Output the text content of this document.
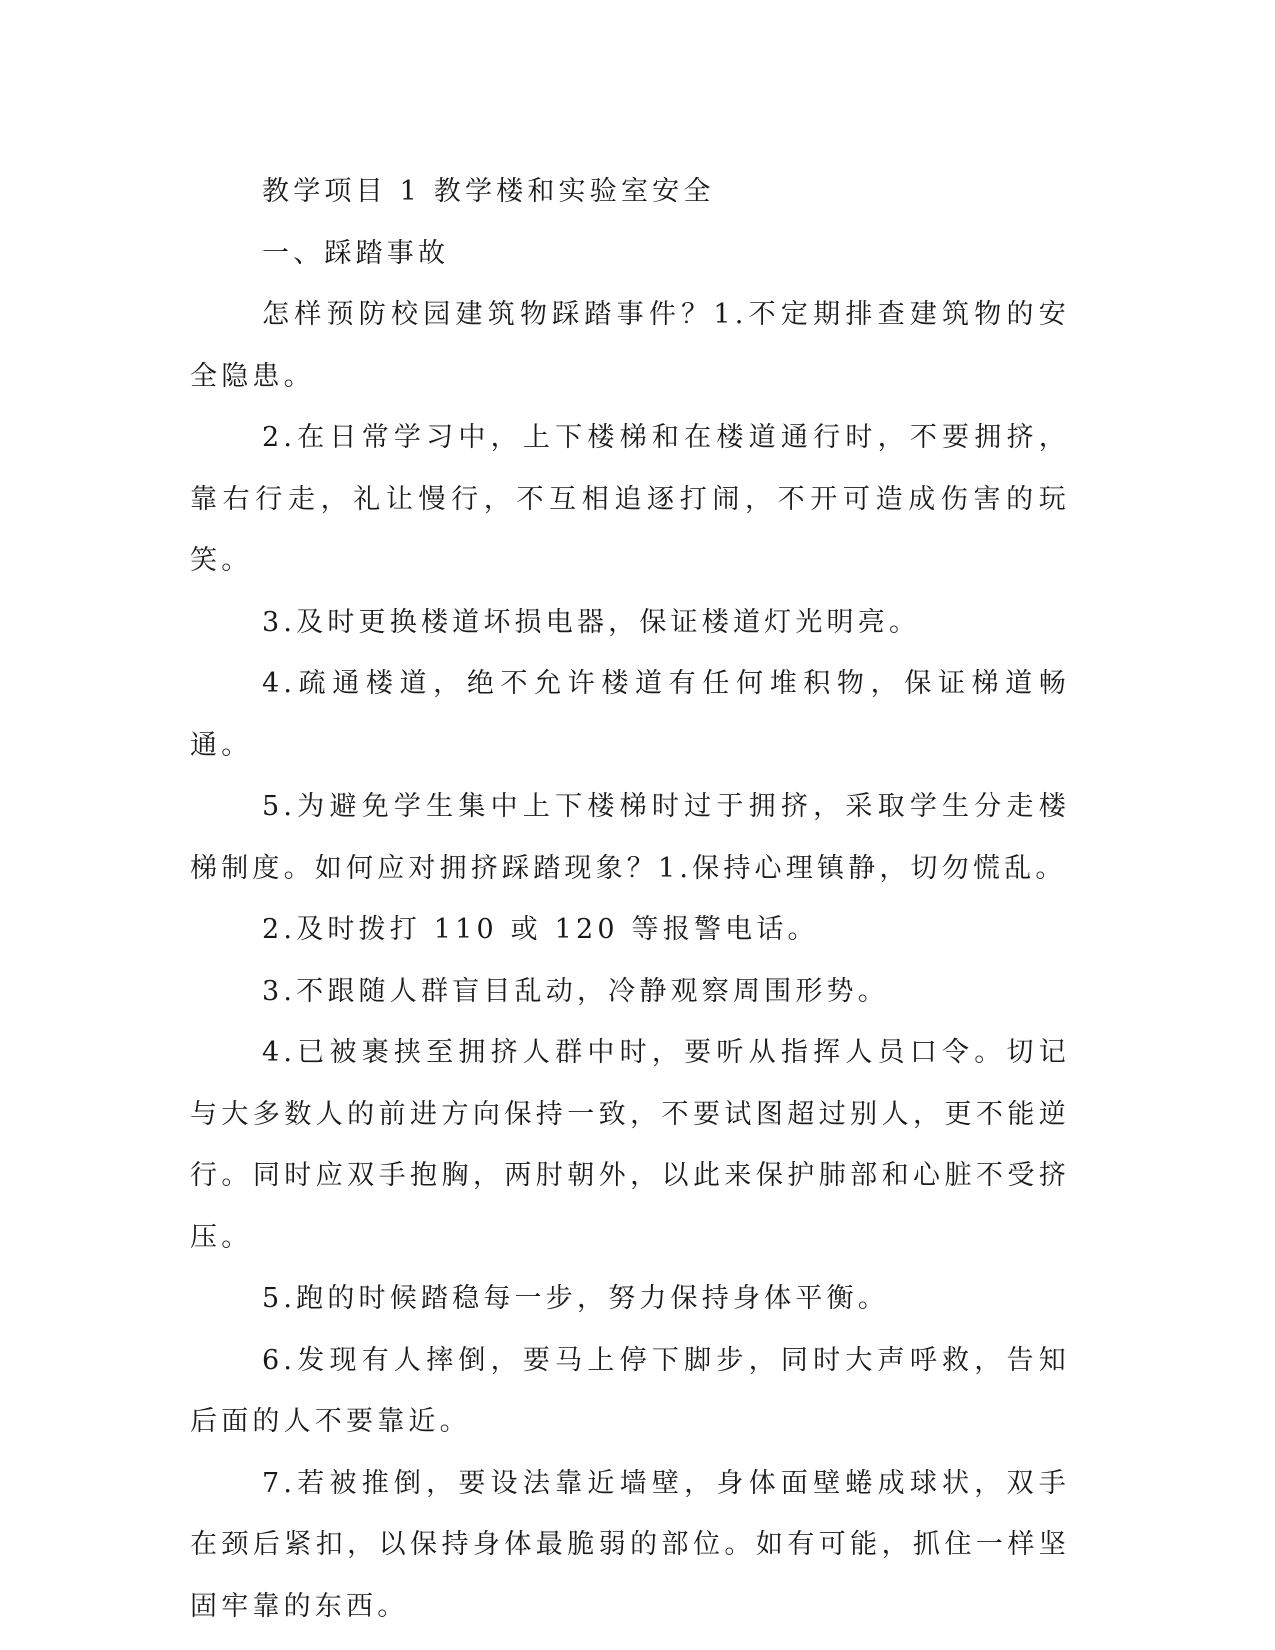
教学项目 1 教学楼和实验室安全

一、踩踏事故

怎样预防校园建筑物踩踏事件？1.不定期排查建筑物的安全隐患。

2.在日常学习中，上下楼梯和在楼道通行时，不要拥挤，靠右行走，礼让慢行，不互相追逐打闹，不开可造成伤害的玩笑。

3.及时更换楼道坏损电器，保证楼道灯光明亮。

4.疏通楼道，绝不允许楼道有任何堆积物，保证梯道畅通。

5.为避免学生集中上下楼梯时过于拥挤，采取学生分走楼梯制度。如何应对拥挤踩踏现象？1.保持心理镇静，切勿慌乱。

2.及时拨打 110 或 120 等报警电话。

3.不跟随人群盲目乱动，冷静观察周围形势。

4.已被裹挟至拥挤人群中时，要听从指挥人员口令。切记与大多数人的前进方向保持一致，不要试图超过别人，更不能逆行。同时应双手抱胸，两肘朝外，以此来保护肺部和心脏不受挤压。

5.跑的时候踏稳每一步，努力保持身体平衡。

6.发现有人摔倒，要马上停下脚步，同时大声呼救，告知后面的人不要靠近。

7.若被推倒，要设法靠近墙壁，身体面壁蜷成球状，双手在颈后紧扣，以保持身体最脆弱的部位。如有可能，抓住一样坚固牢靠的东西。
